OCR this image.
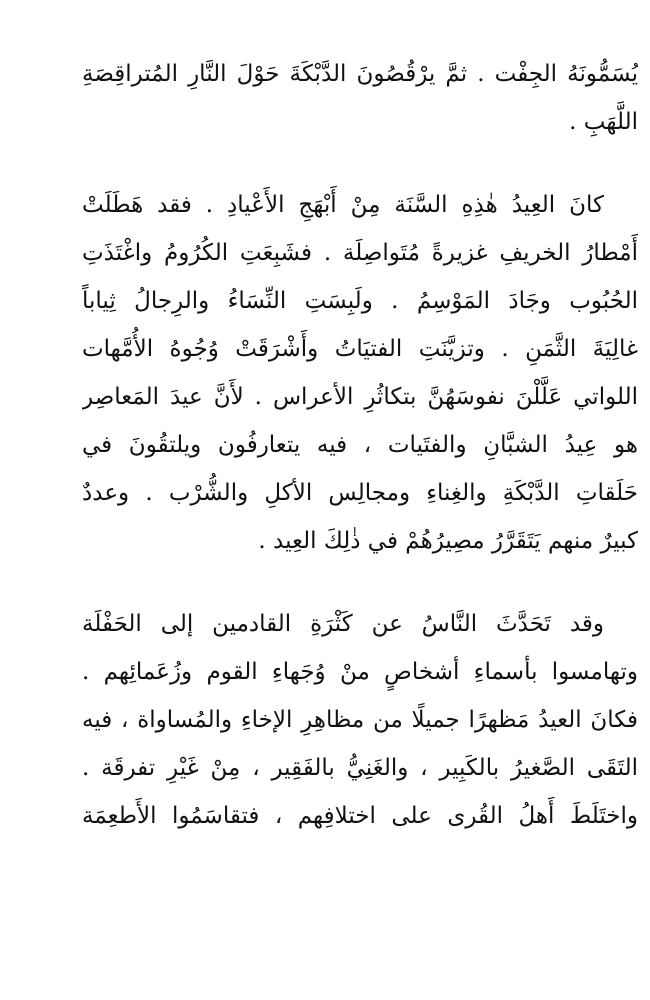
يُسَمُّونَهُ الجِفْت . ثمَّ يرْقُصُونَ الدَّبْكَةَ حَوْلَ النَّارِ المُتراقِصَةِ
اللَّهَبِ .

كانَ العِيدُ هٰذِهِ السَّنَة مِنْ أَبْهَجِ الأَعْيادِ . فقد هَطَلَتْ
أَمْطارُ الخريفِ غزيرةً مُتَواصِلَة . فشَبِعَتِ الكُرُومُ واغْتَذَتِ
الحُبُوب وجَادَ المَوْسِمُ . ولَبِسَتِ النِّسَاءُ والرِجالُ ثِياباً
غالِيَةَ الثَّمَنِ . وتزيَّنَتِ الفتيَاتُ وأَشْرَقَتْ وُجُوهُ الأُمَّهات
اللواتي عَلَّلْنَ نفوسَهُنَّ بتكاثُرِ الأعراس . لأَنَّ عيدَ المَعاصِر
هو عِيدُ الشبَّانِ والفتَيات ، فيه يتعارفُون ويلتقُونَ في
حَلَقاتِ الدَّبْكَةِ والغِناءِ ومجالِس الأكلِ والشُّرْب . وعددٌ
كبيرٌ منهم يَتَقَرَّرُ مصِيرُهُمْ في ذٰلِكَ العِيد .

وقد تَحَدَّثَ النَّاسُ عن كَثْرَةِ القادمين إلى الحَفْلَة
وتهامسوا بأسماءِ أشخاصٍ منْ وُجَهاءِ القوم وزُعَمائِهم .
فكانَ العيدُ مَظهرًا جميلًا من مظاهِرِ الإخاءِ والمُساواة ، فيه
التَقَى الصَّغيرُ بالكَبِير ، والغَنِيُّ بالفَقِير ، مِنْ غَيْرِ تفرقَة .
واختَلَطَ أَهلُ القُرى على اختلافِهم ، فتقاسَمُوا الأَطعِمَة
